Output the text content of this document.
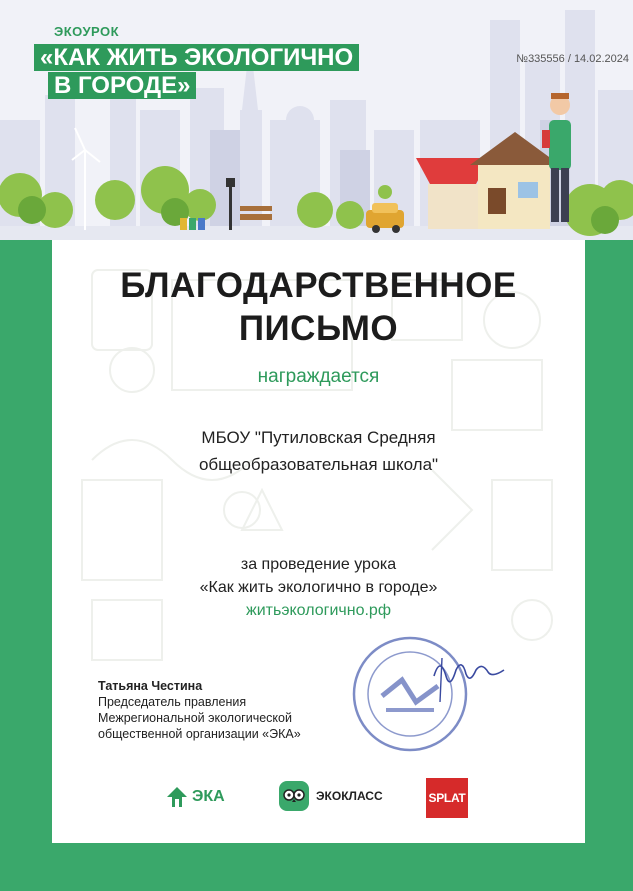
ЭКОУРОК
«КАК ЖИТЬ ЭКОЛОГИЧНО
В ГОРОДЕ»
№335556 / 14.02.2024
БЛАГОДАРСТВЕННОЕ
ПИСЬМО
награждается
МБОУ "Путиловская Средняя
общеобразовательная школа"
за проведение урока
«Как жить экологично в городе»
житьэкологично.рф
Татьяна Честина
Председатель правления
Межрегиональной экологической
общественной организации «ЭКА»
ЭКА	ЭКОКЛАСС	SPLAT
